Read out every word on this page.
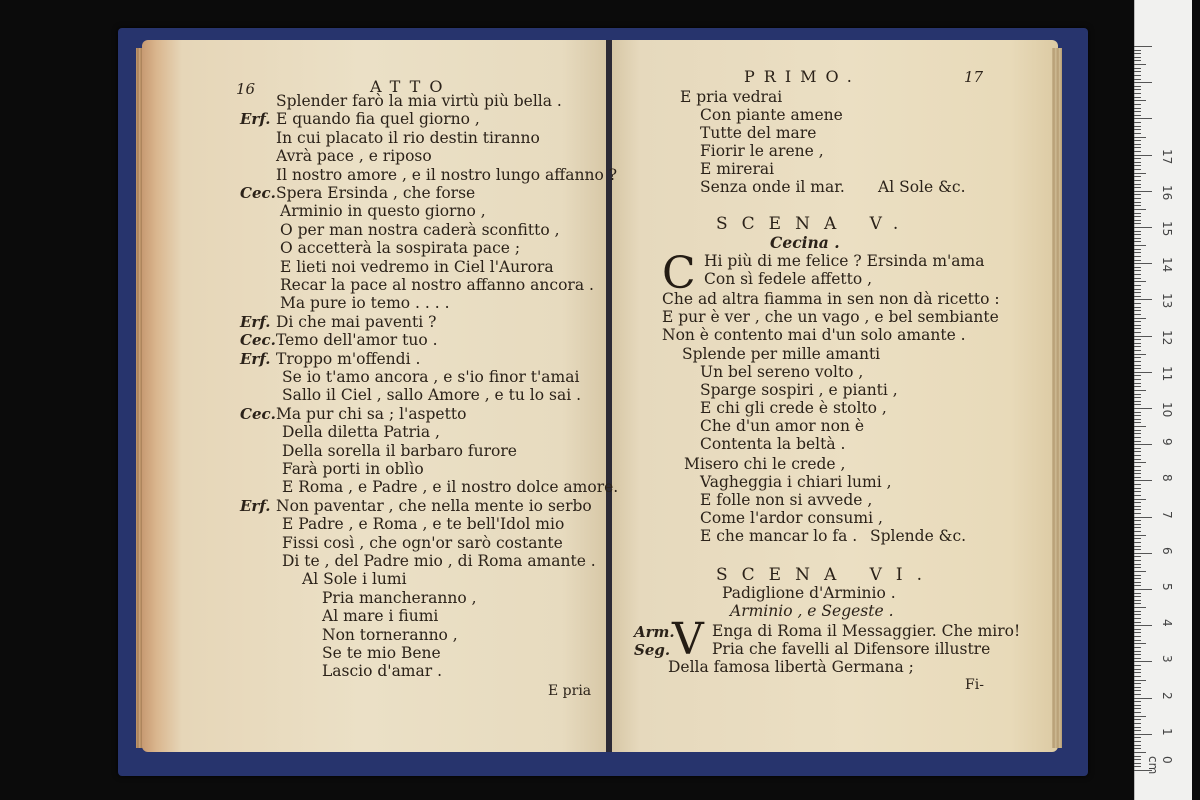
16	ATTO
E pria
Splender farò la mia virtù più bella .
Erf. E quando fia quel giorno ,
In cui placato il rio destin tiranno
Avrà pace , e riposo
Il nostro amore , e il nostro lungo affanno ?
Cec. Spera Ersinda , che forse
Arminio in questo giorno ,
O per man nostra caderà sconfitto ,
O accetterà la sospirata pace ;
E lieti noi vedremo in Ciel l'Aurora
Recar la pace al nostro affanno ancora .
Ma pure io temo . . . .
Erf. Di che mai paventi ?
Cec. Temo dell'amor tuo .
Erf. Troppo m'offendi .
Se io t'amo ancora , e s'io finor t'amai
Sallo il Ciel , sallo Amore , e tu lo sai .
Cec. Ma pur chi sa ; l'aspetto
Della diletta Patria ,
Della sorella il barbaro furore
Farà porti in oblìo
E Roma , e Padre , e il nostro dolce amore.
Erf. Non paventar , che nella mente io serbo
E Padre , e Roma , e te bell'Idol mio
Fissi così , che ogn'or sarò costante
Di te , del Padre mio , di Roma amante .
Al Sole i lumi
Pria mancheranno ,
Al mare i fiumi
Non torneranno ,
Se te mio Bene
Lascio d'amar .
PRIMO.	17
SCENA V.
Cecina .
C
SCENA VI.
Padiglione d'Arminio .
Arminio , e Segeste .
Arm.
Seg. V
Fi-
E pria vedrai
Con piante amene
Tutte del mare
Fiorir le arene ,
E mirerai
Senza onde il mar. Al Sole &c.
Hi più di me felice ? Ersinda m'ama
Con sì fedele affetto ,
Che ad altra fiamma in sen non dà ricetto :
E pur è ver , che un vago , e bel sembiante
Non è contento mai d'un solo amante .
Splende per mille amanti
Un bel sereno volto ,
Sparge sospiri , e pianti ,
E chi gli crede è stolto ,
Che d'un amor non è
Contenta la beltà .
Misero chi le crede ,
Vagheggia i chiari lumi ,
E folle non si avvede ,
Come l'ardor consumi ,
E che mancar lo fa . Splende &c.
Enga di Roma il Messaggier. Che miro!
Pria che favelli al Difensore illustre
Della famosa libertà Germana ;
0 cm
1
2
3
4
5
6
7
8
9
10
11
12
13
14
15
16
17
